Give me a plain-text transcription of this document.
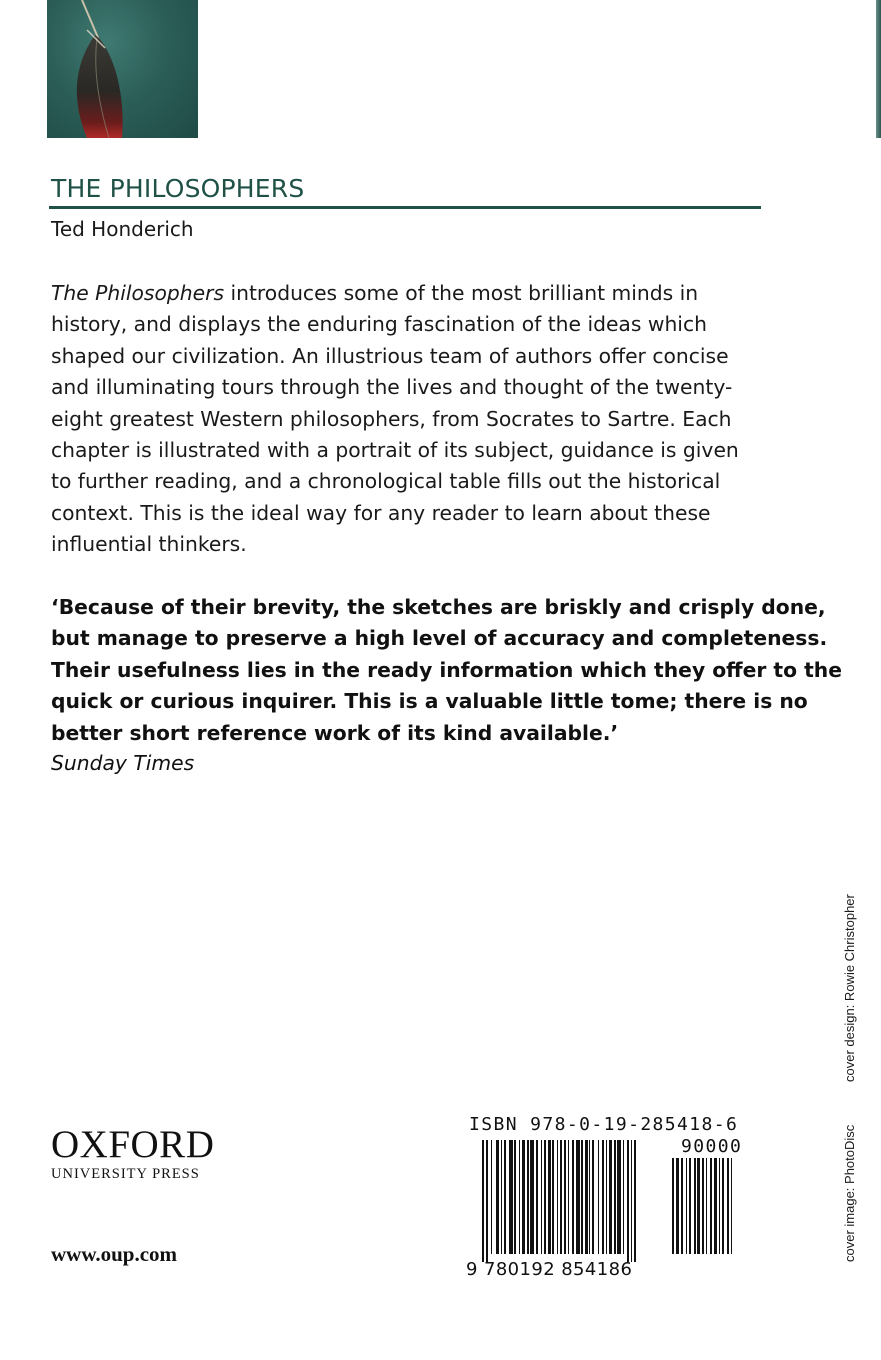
THE PHILOSOPHERS
Ted Honderich
The Philosophers introduces some of the most brilliant minds in
history, and displays the enduring fascination of the ideas which
shaped our civilization. An illustrious team of authors offer concise
and illuminating tours through the lives and thought of the twenty-
eight greatest Western philosophers, from Socrates to Sartre. Each
chapter is illustrated with a portrait of its subject, guidance is given
to further reading, and a chronological table fills out the historical
context. This is the ideal way for any reader to learn about these
influential thinkers.
‘Because of their brevity, the sketches are briskly and crisply done,
but manage to preserve a high level of accuracy and completeness.
Their usefulness lies in the ready information which they offer to the
quick or curious inquirer. This is a valuable little tome; there is no
better short reference work of its kind available.’
Sunday Times
OXFORD
UNIVERSITY PRESS
www.oup.com
ISBN 978-0-19-285418-6
90000
9 780192 854186
cover design: Rowie Christopher
cover image: PhotoDisc
